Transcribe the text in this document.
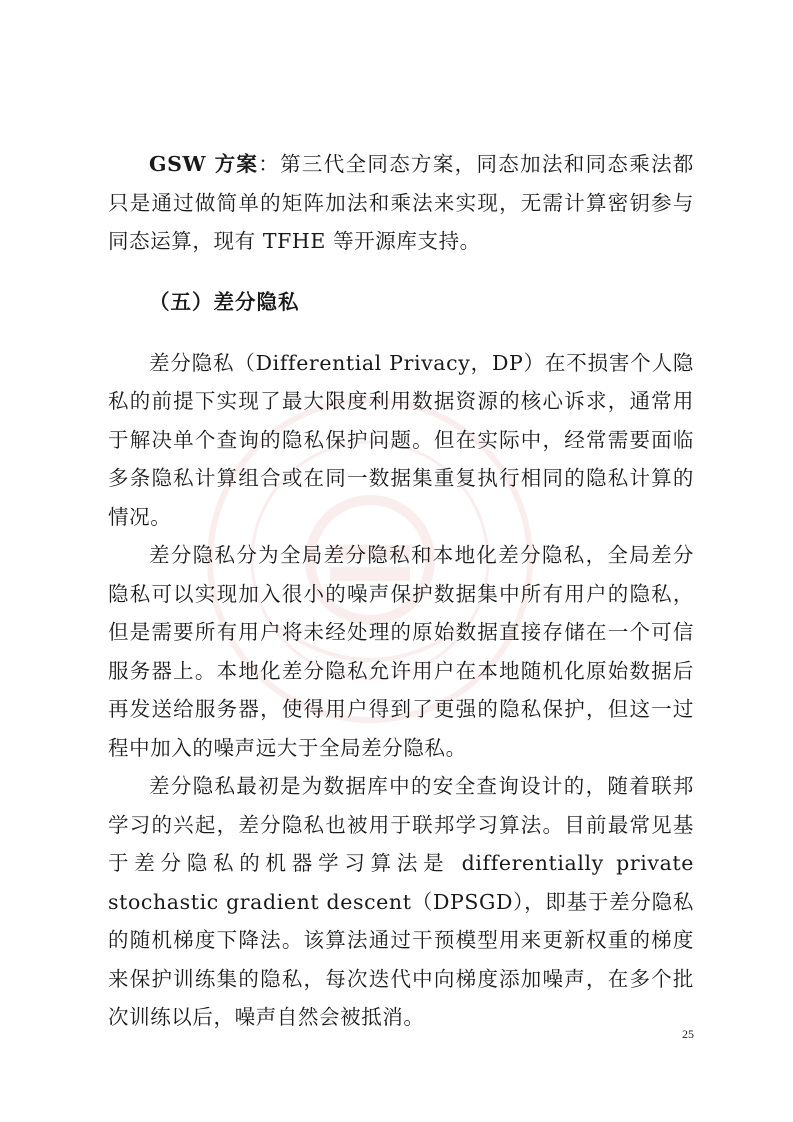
GSW 方案：第三代全同态方案，同态加法和同态乘法都只是通过做简单的矩阵加法和乘法来实现，无需计算密钥参与同态运算，现有 TFHE 等开源库支持。

（五）差分隐私

差分隐私（Differential Privacy，DP）在不损害个人隐私的前提下实现了最大限度利用数据资源的核心诉求，通常用于解决单个查询的隐私保护问题。但在实际中，经常需要面临多条隐私计算组合或在同一数据集重复执行相同的隐私计算的情况。

差分隐私分为全局差分隐私和本地化差分隐私，全局差分隐私可以实现加入很小的噪声保护数据集中所有用户的隐私，但是需要所有用户将未经处理的原始数据直接存储在一个可信服务器上。本地化差分隐私允许用户在本地随机化原始数据后再发送给服务器，使得用户得到了更强的隐私保护，但这一过程中加入的噪声远大于全局差分隐私。

差分隐私最初是为数据库中的安全查询设计的，随着联邦学习的兴起，差分隐私也被用于联邦学习算法。目前最常见基于差分隐私的机器学习算法是 differentially private stochastic gradient descent（DPSGD），即基于差分隐私的随机梯度下降法。该算法通过干预模型用来更新权重的梯度来保护训练集的隐私，每次迭代中向梯度添加噪声，在多个批次训练以后，噪声自然会被抵消。

25
